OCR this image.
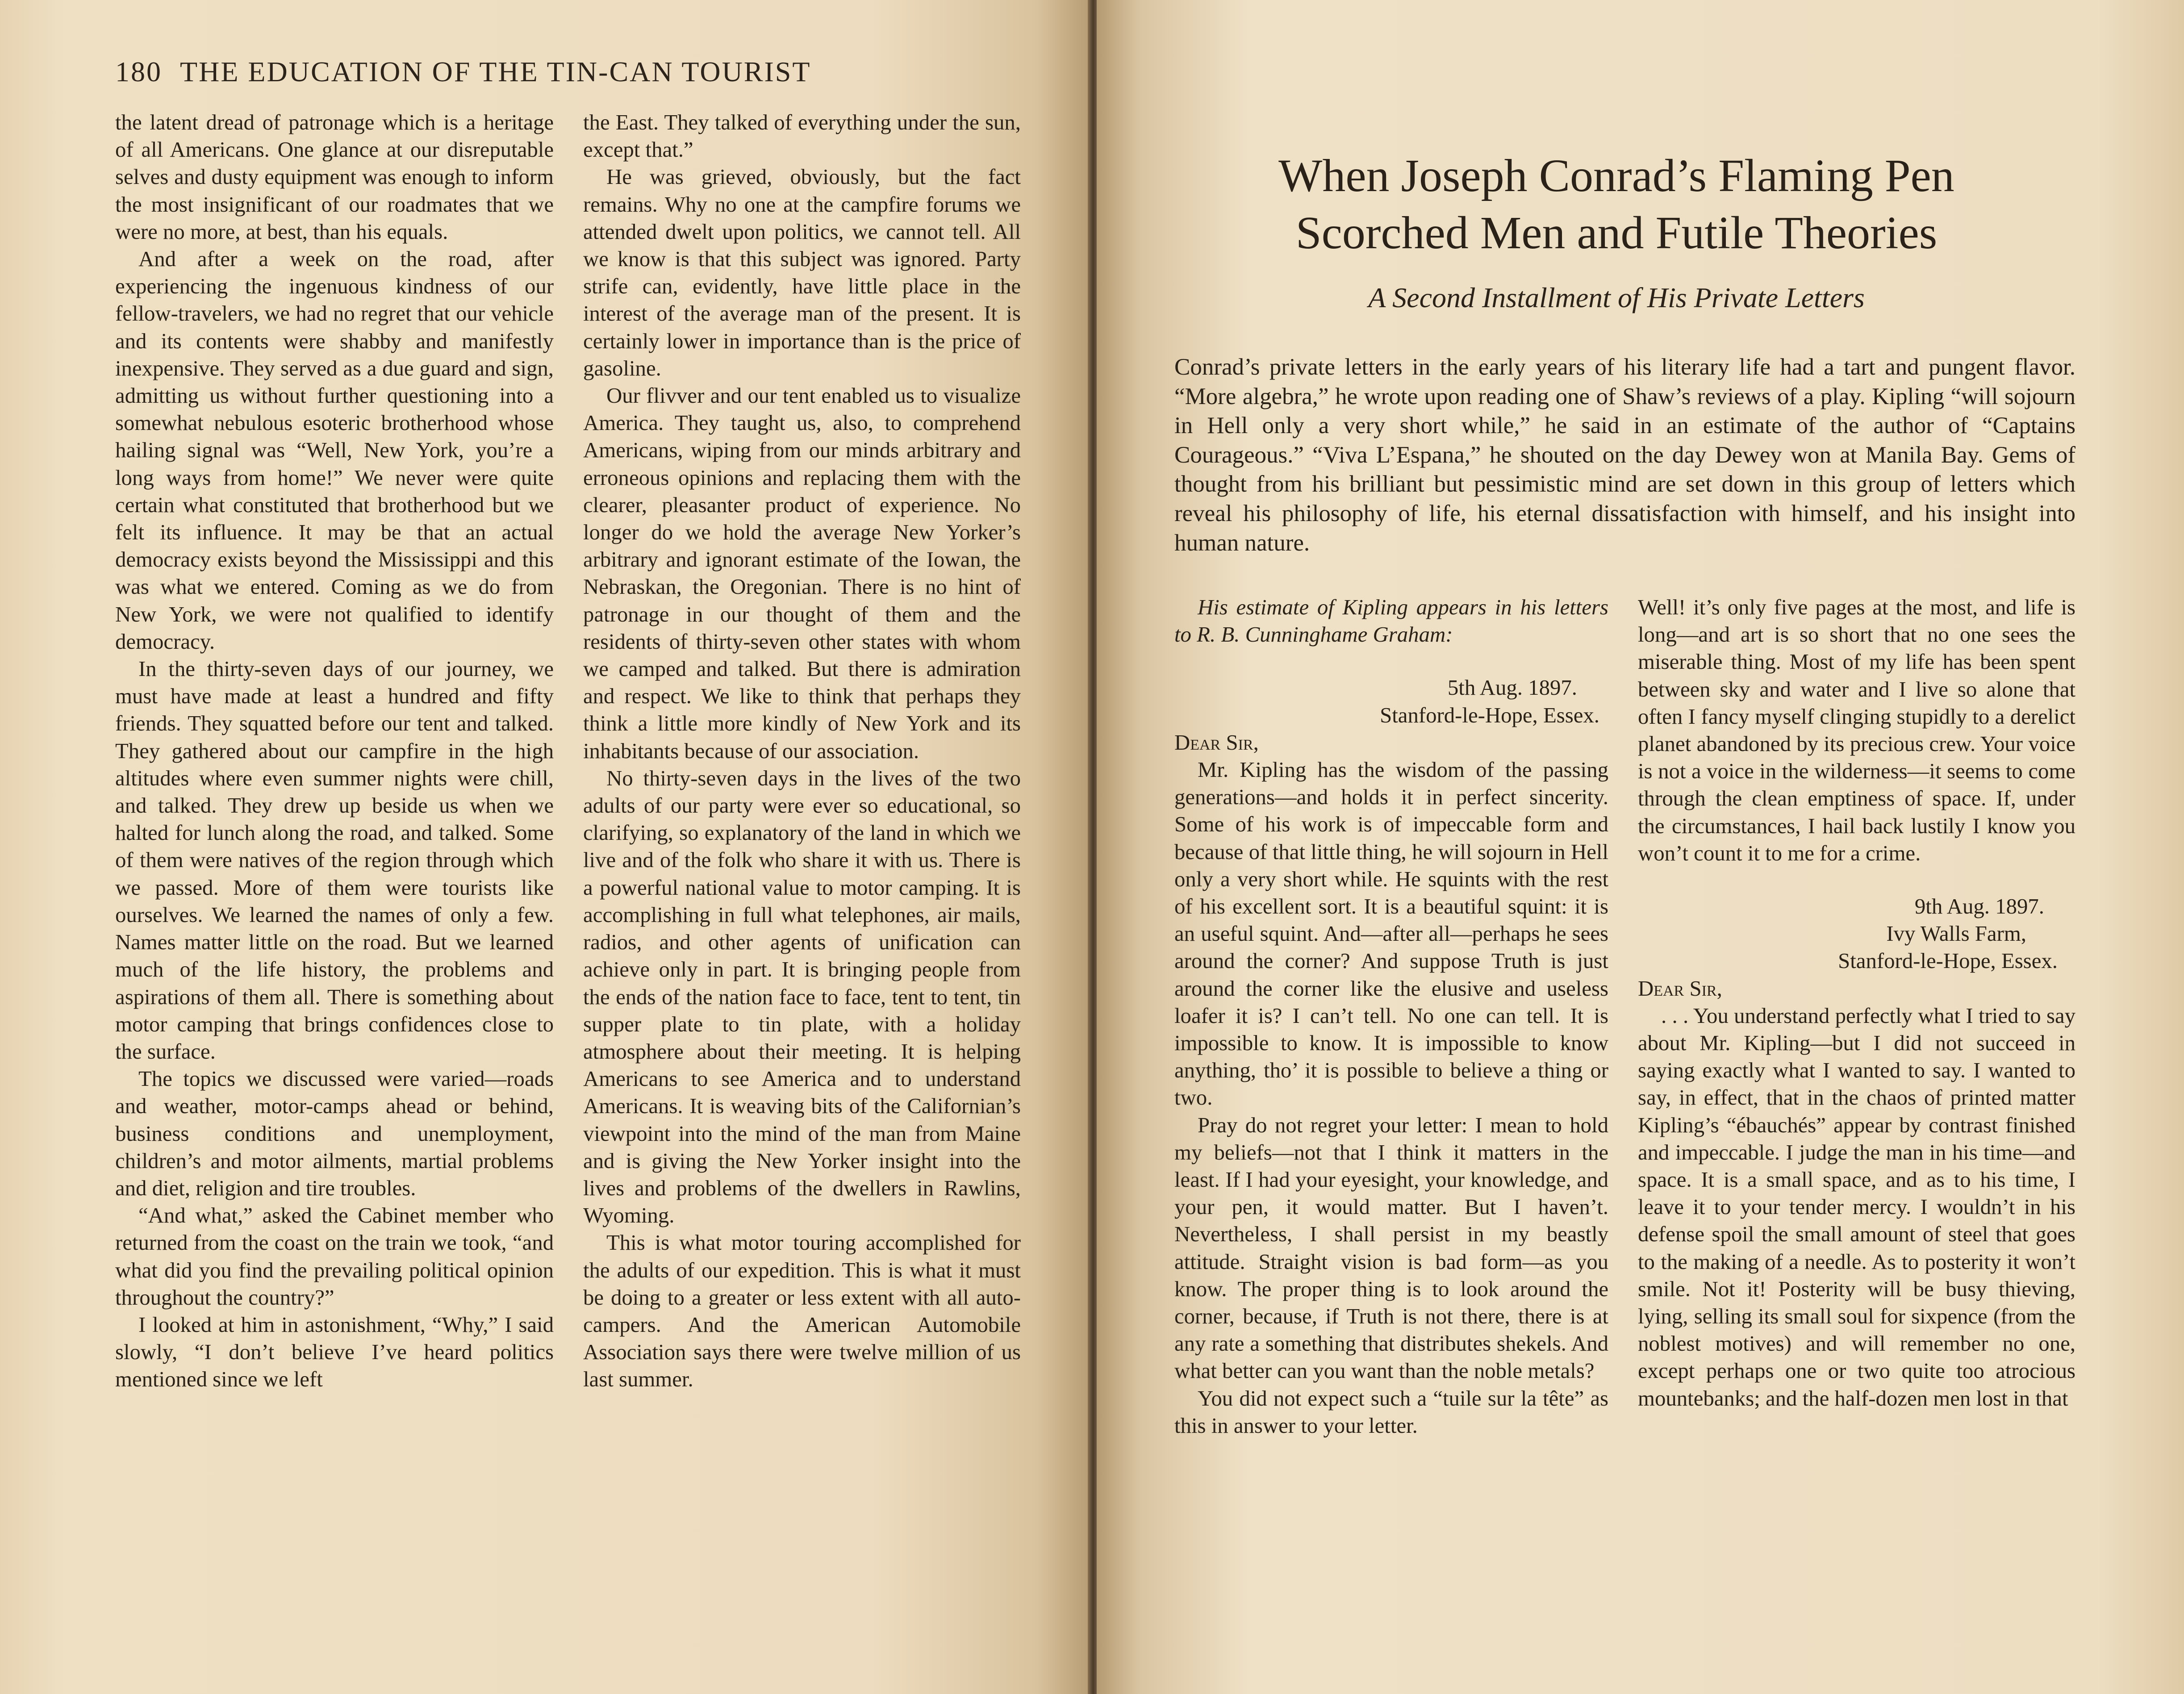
180 THE EDUCATION OF THE TIN-CAN TOURIST

the latent dread of patronage which is a heritage of all Americans. One glance at our disreputable selves and dusty equipment was enough to inform the most insignificant of our roadmates that we were no more, at best, than his equals.

And after a week on the road, after experiencing the ingenuous kindness of our fellow-travelers, we had no regret that our vehicle and its contents were shabby and manifestly inexpensive. They served as a due guard and sign, admitting us without further questioning into a somewhat nebulous esoteric brotherhood whose hailing signal was “Well, New York, you’re a long ways from home!” We never were quite certain what constituted that brotherhood but we felt its influence. It may be that an actual democracy exists beyond the Mississippi and this was what we entered. Coming as we do from New York, we were not qualified to identify democracy.

In the thirty-seven days of our journey, we must have made at least a hundred and fifty friends. They squatted before our tent and talked. They gathered about our campfire in the high altitudes where even summer nights were chill, and talked. They drew up beside us when we halted for lunch along the road, and talked. Some of them were natives of the region through which we passed. More of them were tourists like ourselves. We learned the names of only a few. Names matter little on the road. But we learned much of the life history, the problems and aspirations of them all. There is something about motor camping that brings confidences close to the surface.

The topics we discussed were varied—roads and weather, motor-camps ahead or behind, business conditions and unemployment, children’s and motor ailments, martial problems and diet, religion and tire troubles.

“And what,” asked the Cabinet member who returned from the coast on the train we took, “and what did you find the prevailing political opinion throughout the country?”

I looked at him in astonishment, “Why,” I said slowly, “I don’t believe I’ve heard politics mentioned since we left

the East. They talked of everything under the sun, except that.”

He was grieved, obviously, but the fact remains. Why no one at the campfire forums we attended dwelt upon politics, we cannot tell. All we know is that this subject was ignored. Party strife can, evidently, have little place in the interest of the average man of the present. It is certainly lower in importance than is the price of gasoline.

Our flivver and our tent enabled us to visualize America. They taught us, also, to comprehend Americans, wiping from our minds arbitrary and erroneous opinions and replacing them with the clearer, pleasanter product of experience. No longer do we hold the average New Yorker’s arbitrary and ignorant estimate of the Iowan, the Nebraskan, the Oregonian. There is no hint of patronage in our thought of them and the residents of thirty-seven other states with whom we camped and talked. But there is admiration and respect. We like to think that perhaps they think a little more kindly of New York and its inhabitants because of our association.

No thirty-seven days in the lives of the two adults of our party were ever so educational, so clarifying, so explanatory of the land in which we live and of the folk who share it with us. There is a powerful national value to motor camping. It is accomplishing in full what telephones, air mails, radios, and other agents of unification can achieve only in part. It is bringing people from the ends of the nation face to face, tent to tent, tin supper plate to tin plate, with a holiday atmosphere about their meeting. It is helping Americans to see America and to understand Americans. It is weaving bits of the Californian’s viewpoint into the mind of the man from Maine and is giving the New Yorker insight into the lives and problems of the dwellers in Rawlins, Wyoming.

This is what motor touring accomplished for the adults of our expedition. This is what it must be doing to a greater or less extent with all auto-campers. And the American Automobile Association says there were twelve million of us last summer.

When Joseph Conrad’s Flaming Pen
Scorched Men and Futile Theories
A Second Installment of His Private Letters
Conrad’s private letters in the early years of his literary life had a tart and pungent flavor. “More algebra,” he wrote upon reading one of Shaw’s reviews of a play. Kipling “will sojourn in Hell only a very short while,” he said in an estimate of the author of “Captains Courageous.” “Viva L’Espana,” he shouted on the day Dewey won at Manila Bay. Gems of thought from his brilliant but pessimistic mind are set down in this group of letters which reveal his philosophy of life, his eternal dissatisfaction with himself, and his insight into human nature.

His estimate of Kipling appears in his letters to R. B. Cunninghame Graham:

5th Aug. 1897.
Stanford-le-Hope, Essex.
Dear Sir,

Mr. Kipling has the wisdom of the passing generations—and holds it in perfect sincerity. Some of his work is of impeccable form and because of that little thing, he will sojourn in Hell only a very short while. He squints with the rest of his excellent sort. It is a beautiful squint: it is an useful squint. And—after all—perhaps he sees around the corner? And suppose Truth is just around the corner like the elusive and useless loafer it is? I can’t tell. No one can tell. It is impossible to know. It is impossible to know anything, tho’ it is possible to believe a thing or two.

Pray do not regret your letter: I mean to hold my beliefs—not that I think it matters in the least. If I had your eyesight, your knowledge, and your pen, it would matter. But I haven’t. Nevertheless, I shall persist in my beastly attitude. Straight vision is bad form—as you know. The proper thing is to look around the corner, because, if Truth is not there, there is at any rate a something that distributes shekels. And what better can you want than the noble metals?

You did not expect such a “tuile sur la tête” as this in answer to your letter.

Well! it’s only five pages at the most, and life is long—and art is so short that no one sees the miserable thing. Most of my life has been spent between sky and water and I live so alone that often I fancy myself clinging stupidly to a derelict planet abandoned by its precious crew. Your voice is not a voice in the wilderness—it seems to come through the clean emptiness of space. If, under the circumstances, I hail back lustily I know you won’t count it to me for a crime.

9th Aug. 1897.
Ivy Walls Farm,
Stanford-le-Hope, Essex.
Dear Sir,

. . . You understand perfectly what I tried to say about Mr. Kipling—but I did not succeed in saying exactly what I wanted to say. I wanted to say, in effect, that in the chaos of printed matter Kipling’s “ébauchés” appear by contrast finished and impeccable. I judge the man in his time—and space. It is a small space, and as to his time, I leave it to your tender mercy. I wouldn’t in his defense spoil the small amount of steel that goes to the making of a needle. As to posterity it won’t smile. Not it! Posterity will be busy thieving, lying, selling its small soul for sixpence (from the noblest motives) and will remember no one, except perhaps one or two quite too atrocious mountebanks; and the half-dozen men lost in that
